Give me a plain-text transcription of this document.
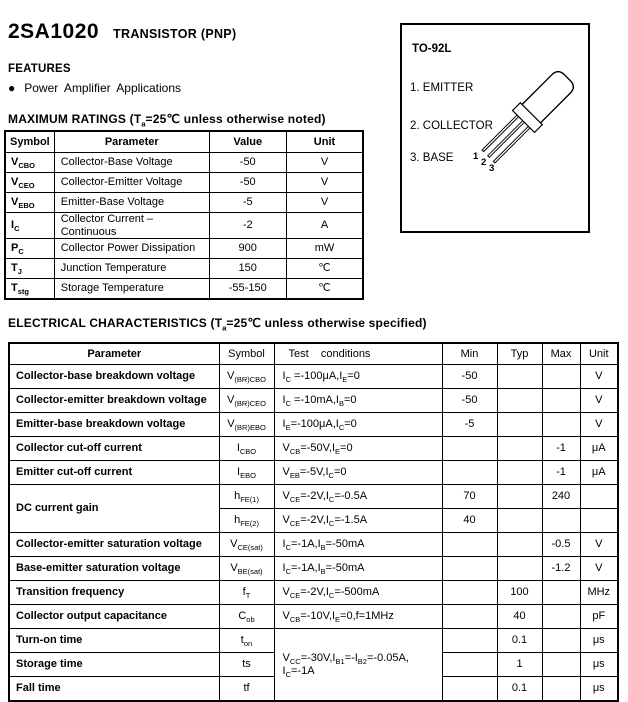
2SA1020 TRANSISTOR (PNP)
FEATURES
● Power Amplifier Applications
MAXIMUM RATINGS ($T_a=25℃$ unless otherwise noted)
Symbol	Parameter	Value	Unit
$V_{CBO}$	Collector-Base Voltage	-50	V
$V_{CEO}$	Collector-Emitter Voltage	-50	V
$V_{EBO}$	Emitter-Base Voltage	-5	V
$I_C$	Collector Current –Continuous	-2	A
$P_C$	Collector Power Dissipation	900	mW
$T_J$	Junction Temperature	150	℃
$T_{stg}$	Storage Temperature	-55-150	℃
ELECTRICAL CHARACTERISTICS ($T_a=25℃$ unless otherwise specified)
Parameter	Symbol	Test    conditions	Min	Typ	Max	Unit
Collector-base breakdown voltage	$V_{(BR)CBO}$	$I_C =-100\mu A,I_E=0$	-50			V
Collector-emitter breakdown voltage	$V_{(BR)CEO}$	$I_C =-10mA,I_B=0$	-50			V
Emitter-base breakdown voltage	$V_{(BR)EBO}$	$I_E=-100\mu A,I_C=0$	-5			V
Collector cut-off current	$I_{CBO}$	$V_{CB}=-50V,I_E=0$			-1	μA
Emitter cut-off current	$I_{EBO}$	$V_{EB}=-5V,I_C=0$			-1	μA
DC current gain	$h_{FE(1)}$	$V_{CE}=-2V,I_C=-0.5A$	70		240	
	$h_{FE(2)}$	$V_{CE}=-2V,I_C=-1.5A$	40			
Collector-emitter saturation voltage	$V_{CE(sat)}$	$I_C=-1A,I_B=-50mA$			-0.5	V
Base-emitter saturation voltage	$V_{BE(sat)}$	$I_C=-1A,I_B=-50mA$			-1.2	V
Transition frequency	$f_T$	$V_{CE}=-2V,I_C=-500mA$		100		MHz
Collector output capacitance	$C_{ob}$	$V_{CB}=-10V,I_E=0,f=1MHz$		40		pF
Turn-on time	$t_{on}$	$V_{CC}=-30V,I_{B1}=-I_{B2}=-0.05A$, $I_C=-1A$		0.1		μs
Storage time	ts			1		μs
Fall time	tf			0.1		μs
TO-92L
1. EMITTER
2. COLLECTOR
3. BASE 1
2
3
